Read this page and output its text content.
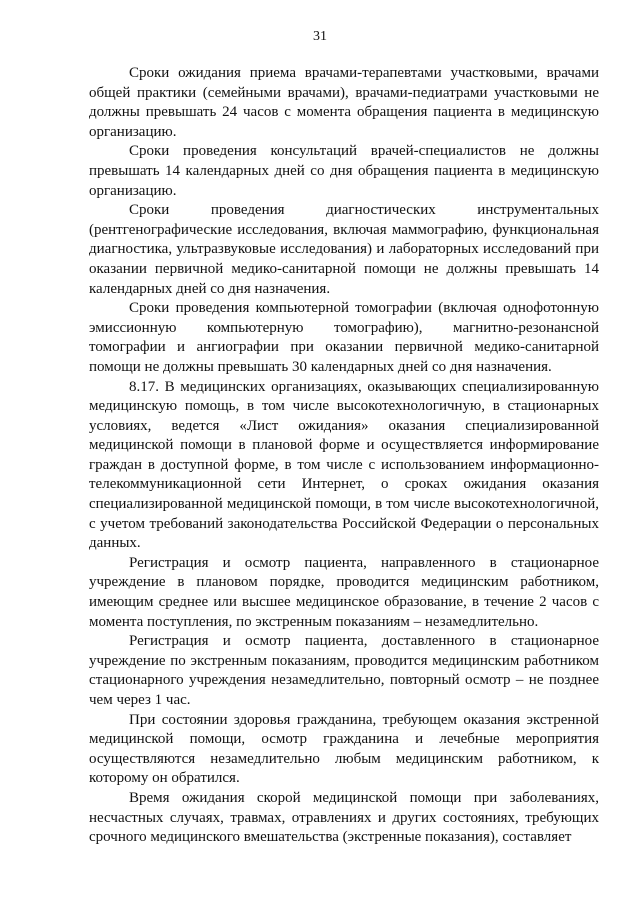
31

Сроки ожидания приема врачами-терапевтами участковыми, врачами общей практики (семейными врачами), врачами-педиатрами участковыми не должны превышать 24 часов с момента обращения пациента в медицинскую организацию.

Сроки проведения консультаций врачей-специалистов не должны превышать 14 календарных дней со дня обращения пациента в медицинскую организацию.

Сроки проведения диагностических инструментальных (рентгенографические исследования, включая маммографию, функциональная диагностика, ультразвуковые исследования) и лабораторных исследований при оказании первичной медико-санитарной помощи не должны превышать 14 календарных дней со дня назначения.

Сроки проведения компьютерной томографии (включая однофотонную эмиссионную компьютерную томографию), магнитно-резонансной томографии и ангиографии при оказании первичной медико-санитарной помощи не должны превышать 30 календарных дней со дня назначения.

8.17. В медицинских организациях, оказывающих специализированную медицинскую помощь, в том числе высокотехнологичную, в стационарных условиях, ведется «Лист ожидания» оказания специализированной медицинской помощи в плановой форме и осуществляется информирование граждан в доступной форме, в том числе с использованием информационно-телекоммуникационной сети Интернет, о сроках ожидания оказания специализированной медицинской помощи, в том числе высокотехнологичной, с учетом требований законодательства Российской Федерации о персональных данных.

Регистрация и осмотр пациента, направленного в стационарное учреждение в плановом порядке, проводится медицинским работником, имеющим среднее или высшее медицинское образование, в течение 2 часов с момента поступления, по экстренным показаниям – незамедлительно.

Регистрация и осмотр пациента, доставленного в стационарное учреждение по экстренным показаниям, проводится медицинским работником стационарного учреждения незамедлительно, повторный осмотр – не позднее чем через 1 час.

При состоянии здоровья гражданина, требующем оказания экстренной медицинской помощи, осмотр гражданина и лечебные мероприятия осуществляются незамедлительно любым медицинским работником, к которому он обратился.

Время ожидания скорой медицинской помощи при заболеваниях, несчастных случаях, травмах, отравлениях и других состояниях, требующих срочного медицинского вмешательства (экстренные показания), составляет
